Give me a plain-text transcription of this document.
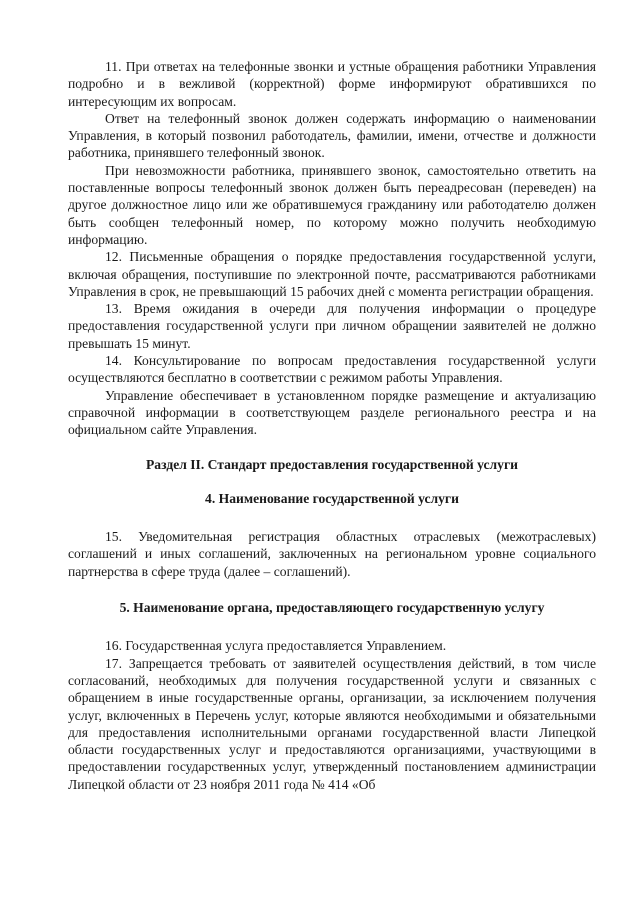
11. При ответах на телефонные звонки и устные обращения работники Управления подробно и в вежливой (корректной) форме информируют обратившихся по интересующим их вопросам.

Ответ на телефонный звонок должен содержать информацию о наименовании Управления, в который позвонил работодатель, фамилии, имени, отчестве и должности работника, принявшего телефонный звонок.

При невозможности работника, принявшего звонок, самостоятельно ответить на поставленные вопросы телефонный звонок должен быть переадресован (переведен) на другое должностное лицо или же обратившемуся гражданину или работодателю должен быть сообщен телефонный номер, по которому можно получить необходимую информацию.

12. Письменные обращения о порядке предоставления государственной услуги, включая обращения, поступившие по электронной почте, рассматриваются работниками Управления в срок, не превышающий 15 рабочих дней с момента регистрации обращения.

13. Время ожидания в очереди для получения информации о процедуре предоставления государственной услуги при личном обращении заявителей не должно превышать 15 минут.

14. Консультирование по вопросам предоставления государственной услуги осуществляются бесплатно в соответствии с режимом работы Управления.

Управление обеспечивает в установленном порядке размещение и актуализацию справочной информации в соответствующем разделе регионального реестра и на официальном сайте Управления.

Раздел II. Стандарт предоставления государственной услуги

4. Наименование государственной услуги

15. Уведомительная регистрация областных отраслевых (межотраслевых) соглашений и иных соглашений, заключенных на региональном уровне социального партнерства в сфере труда (далее – соглашений).

5. Наименование органа, предоставляющего государственную услугу

16. Государственная услуга предоставляется Управлением.

17. Запрещается требовать от заявителей осуществления действий, в том числе согласований, необходимых для получения государственной услуги и связанных с обращением в иные государственные органы, организации, за исключением получения услуг, включенных в Перечень услуг, которые являются необходимыми и обязательными для предоставления исполнительными органами государственной власти Липецкой области государственных услуг и предоставляются организациями, участвующими в предоставлении государственных услуг, утвержденный постановлением администрации Липецкой области от 23 ноября 2011 года № 414 «Об
